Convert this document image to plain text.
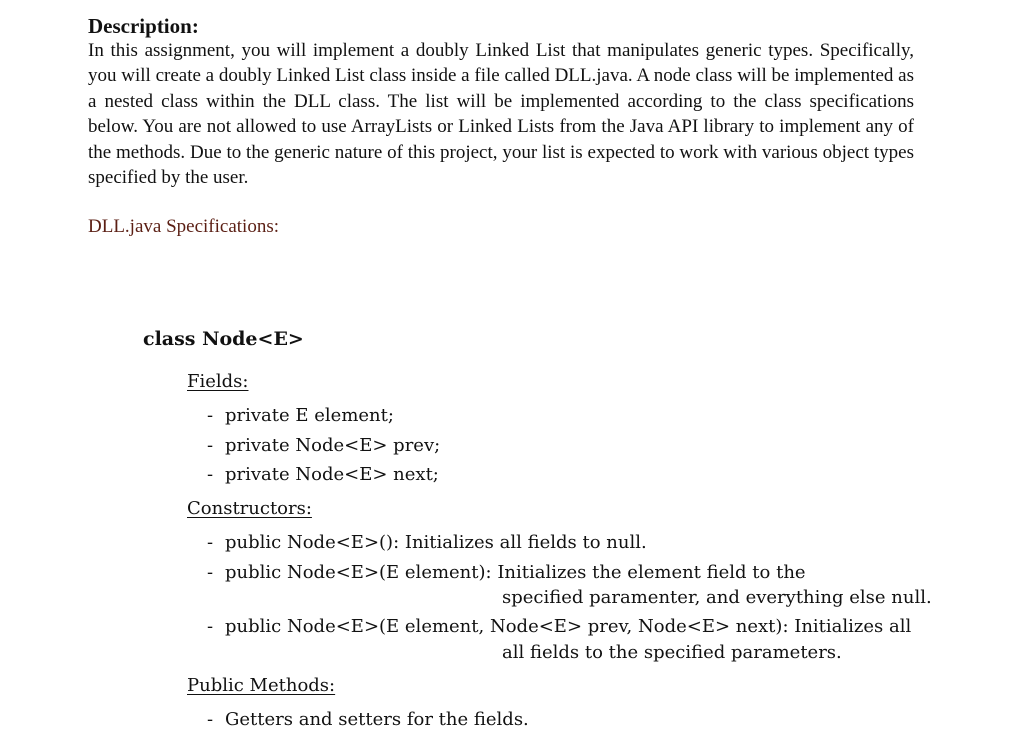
Description:

In this assignment, you will implement a doubly Linked List that manipulates generic types. Specifically, you will create a doubly Linked List class inside a file called DLL.java. A node class will be implemented as a nested class within the DLL class. The list will be implemented according to the class specifications below. You are not allowed to use ArrayLists or Linked Lists from the Java API library to implement any of the methods. Due to the generic nature of this project, your list is expected to work with various object types specified by the user.

DLL.java Specifications:
class Node<E>
Fields:
- private E element;
- private Node<E> prev;
- private Node<E> next;
Constructors:
- public Node<E>(): Initializes all fields to null.
- public Node<E>(E element): Initializes the element field to the
specified paramenter, and everything else null.
- public Node<E>(E element, Node<E> prev, Node<E> next): Initializes all
all fields to the specified parameters.
Public Methods:
- Getters and setters for the fields.
